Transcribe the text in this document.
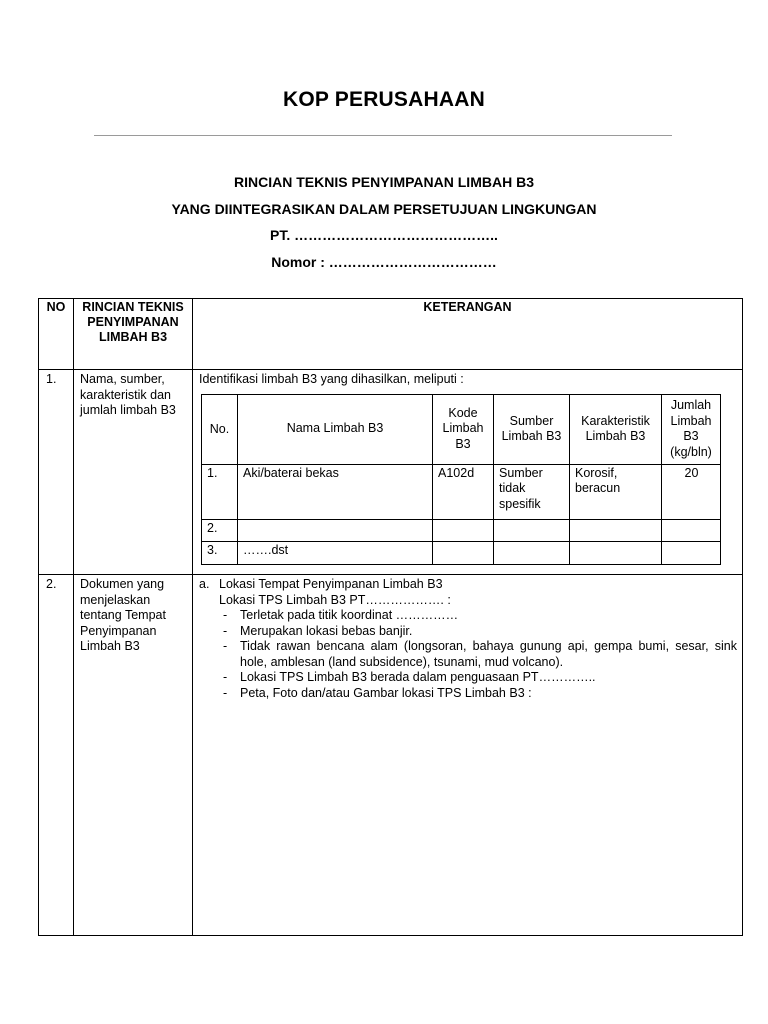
KOP PERUSAHAAN
RINCIAN TEKNIS PENYIMPANAN LIMBAH B3
YANG DIINTEGRASIKAN DALAM PERSETUJUAN LINGKUNGAN
PT. ……………………………………..
Nomor : ………………………………
NO	RINCIAN TEKNIS PENYIMPANAN LIMBAH B3	KETERANGAN
1.	Nama, sumber, karakteristik dan jumlah limbah B3	
Identifikasi limbah B3 yang dihasilkan, meliputi :
No.	Nama Limbah B3	Kode Limbah B3	Sumber Limbah B3	Karakteristik Limbah B3	Jumlah Limbah B3 (kg/bln)
1.	Aki/baterai bekas	A102d	Sumber tidak spesifik	Korosif, beracun	20
2.					
3.	…….dst				

2.	Dokumen yang menjelaskan tentang Tempat Penyimpanan Limbah B3	
a. Lokasi Tempat Penyimpanan Limbah B3
Lokasi TPS Limbah B3 PT………………. :
-	Terletak pada titik koordinat ……………
-	Merupakan lokasi bebas banjir.
-	Tidak rawan bencana alam (longsoran, bahaya gunung api, gempa bumi, sesar, sink hole, amblesan (land subsidence), tsunami, mud volcano).
-	Lokasi TPS Limbah B3 berada dalam penguasaan PT…………..
-	Peta, Foto dan/atau Gambar lokasi TPS Limbah B3 :
